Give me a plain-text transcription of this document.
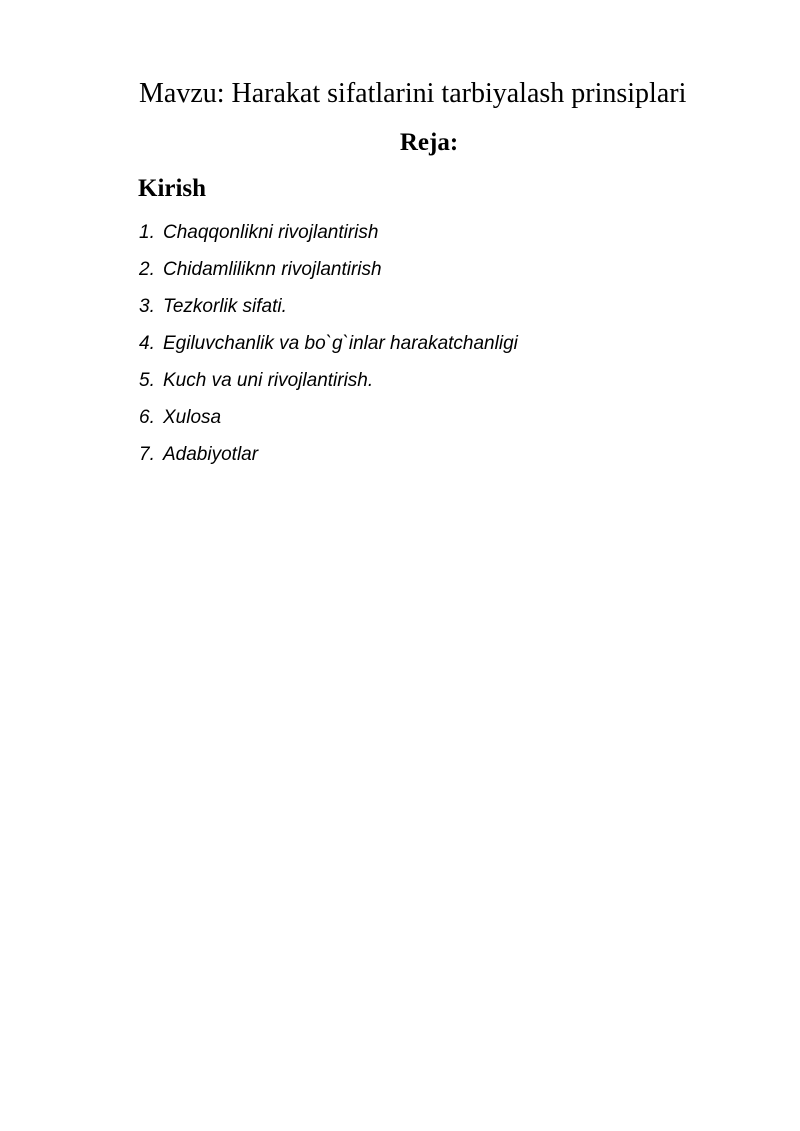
Mavzu: Harakat sifatlarini tarbiyalash prinsiplari
Reja:
Kirish
1. Chaqqonlikni rivojlantirish
2. Chidamliliknn rivojlantirish
3. Tezkorlik sifati.
4. Egiluvchanlik va bo`g`inlar harakatchanligi
5. Kuch va uni rivojlantirish.
6. Xulosa
7. Adabiyotlar
